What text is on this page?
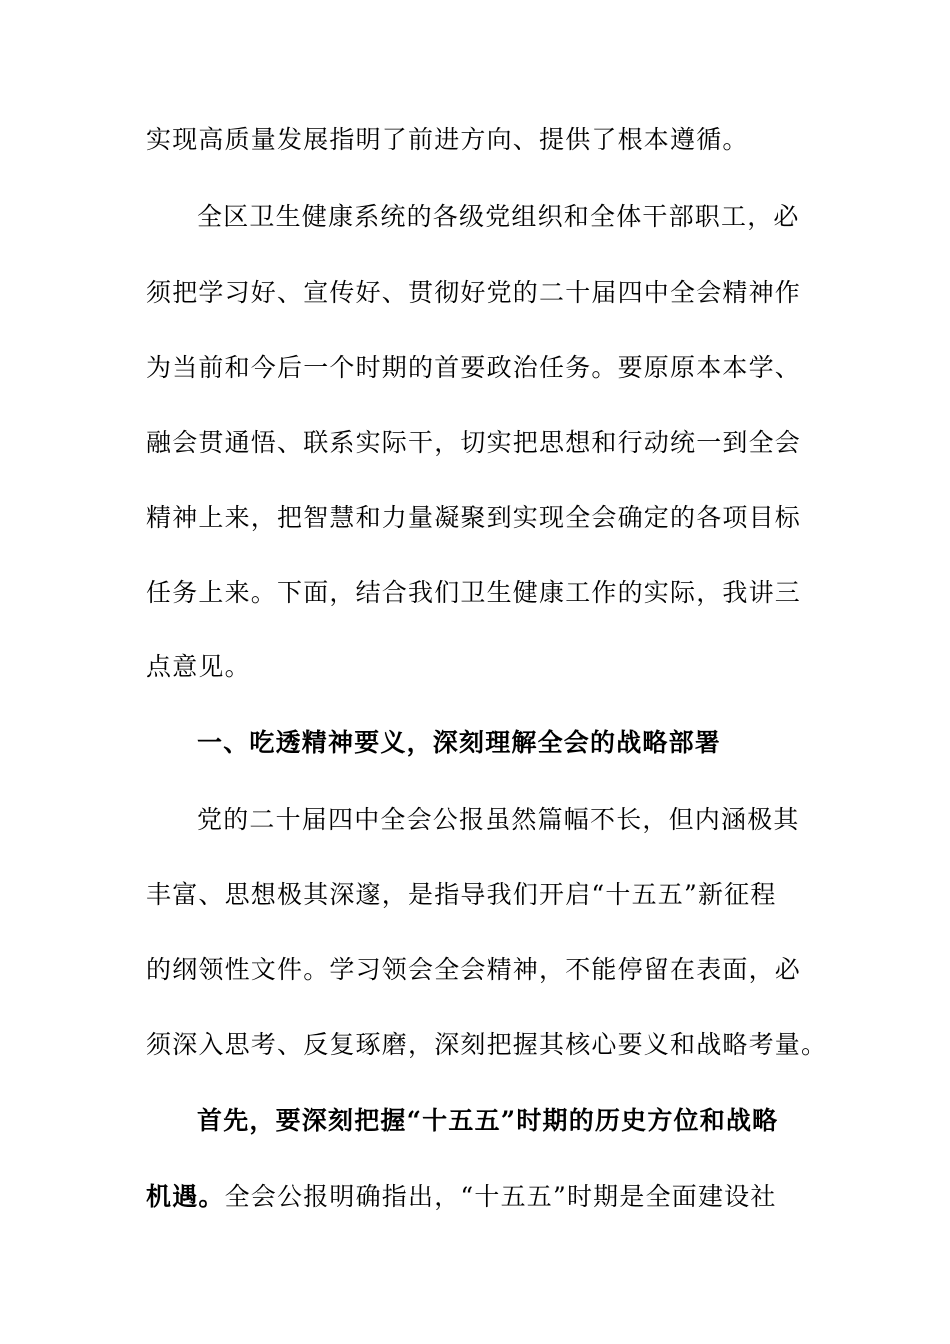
实现高质量发展指明了前进方向、提供了根本遵循。
全区卫生健康系统的各级党组织和全体干部职工，必
须把学习好、宣传好、贯彻好党的二十届四中全会精神作
为当前和今后一个时期的首要政治任务。要原原本本学、
融会贯通悟、联系实际干，切实把思想和行动统一到全会
精神上来，把智慧和力量凝聚到实现全会确定的各项目标
任务上来。下面，结合我们卫生健康工作的实际，我讲三
点意见。
一、吃透精神要义，深刻理解全会的战略部署
党的二十届四中全会公报虽然篇幅不长，但内涵极其
丰富、思想极其深邃，是指导我们开启“十五五”新征程
的纲领性文件。学习领会全会精神，不能停留在表面，必
须深入思考、反复琢磨，深刻把握其核心要义和战略考量。
首先，要深刻把握“十五五”时期的历史方位和战略
机遇。全会公报明确指出，“十五五”时期是全面建设社
